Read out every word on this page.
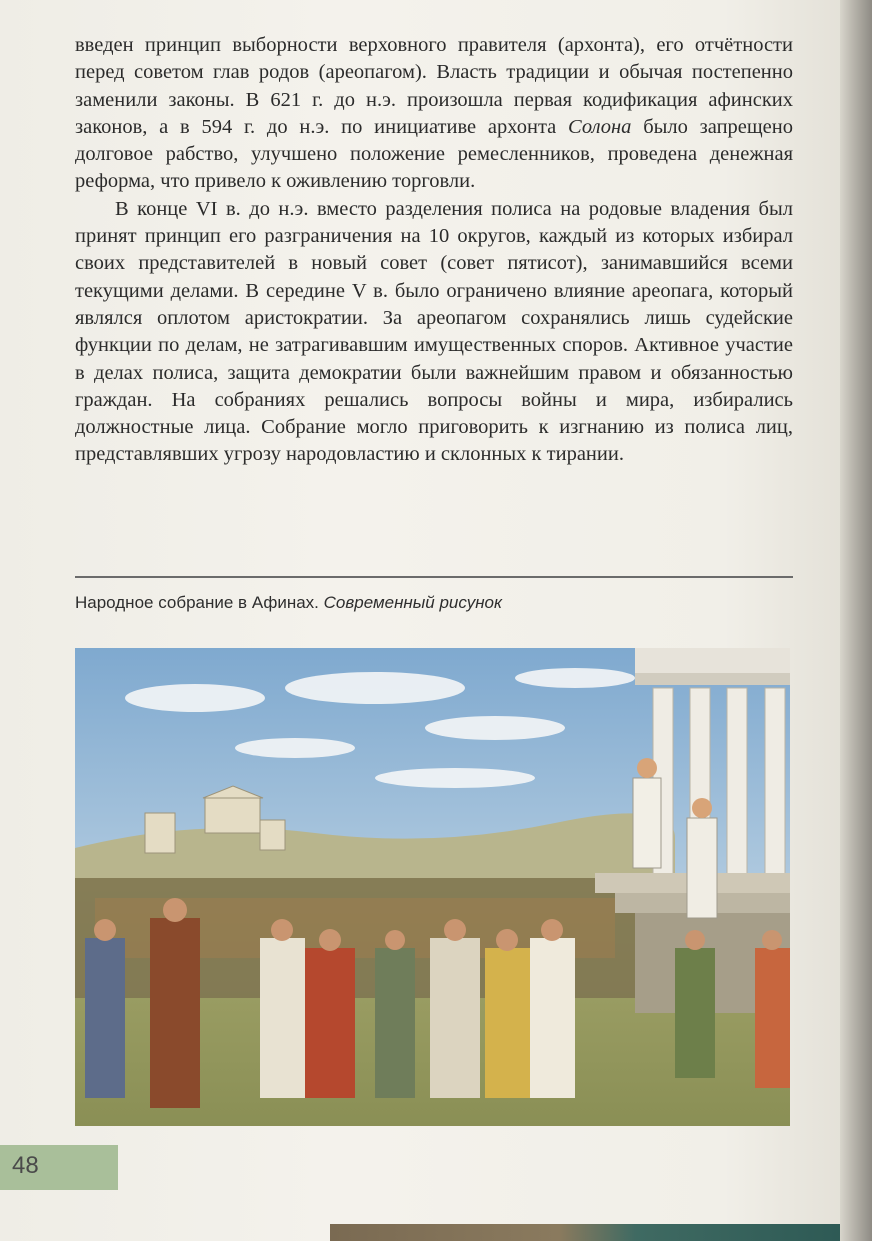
введен принцип выборности верховного правителя (архонта), его отчётности перед советом глав родов (ареопагом). Власть традиции и обычая постепенно заменили законы. В 621 г. до н.э. произошла первая кодификация афинских законов, а в 594 г. до н.э. по инициативе архонта Солона было запрещено долговое рабство, улучшено положение ремесленников, проведена денежная реформа, что привело к оживлению торговли.

В конце VI в. до н.э. вместо разделения полиса на родовые владения был принят принцип его разграничения на 10 округов, каждый из которых избирал своих представителей в новый совет (совет пятисот), занимавшийся всеми текущими делами. В середине V в. было ограничено влияние ареопага, который являлся оплотом аристократии. За ареопагом сохранялись лишь судейские функции по делам, не затрагивавшим имущественных споров. Активное участие в делах полиса, защита демократии были важнейшим правом и обязанностью граждан. На собраниях решались вопросы войны и мира, избирались должностные лица. Собрание могло приговорить к изгнанию из полиса лиц, представлявших угрозу народовластию и склонных к тирании.

Народное собрание в Афинах. Современный рисунок
48
